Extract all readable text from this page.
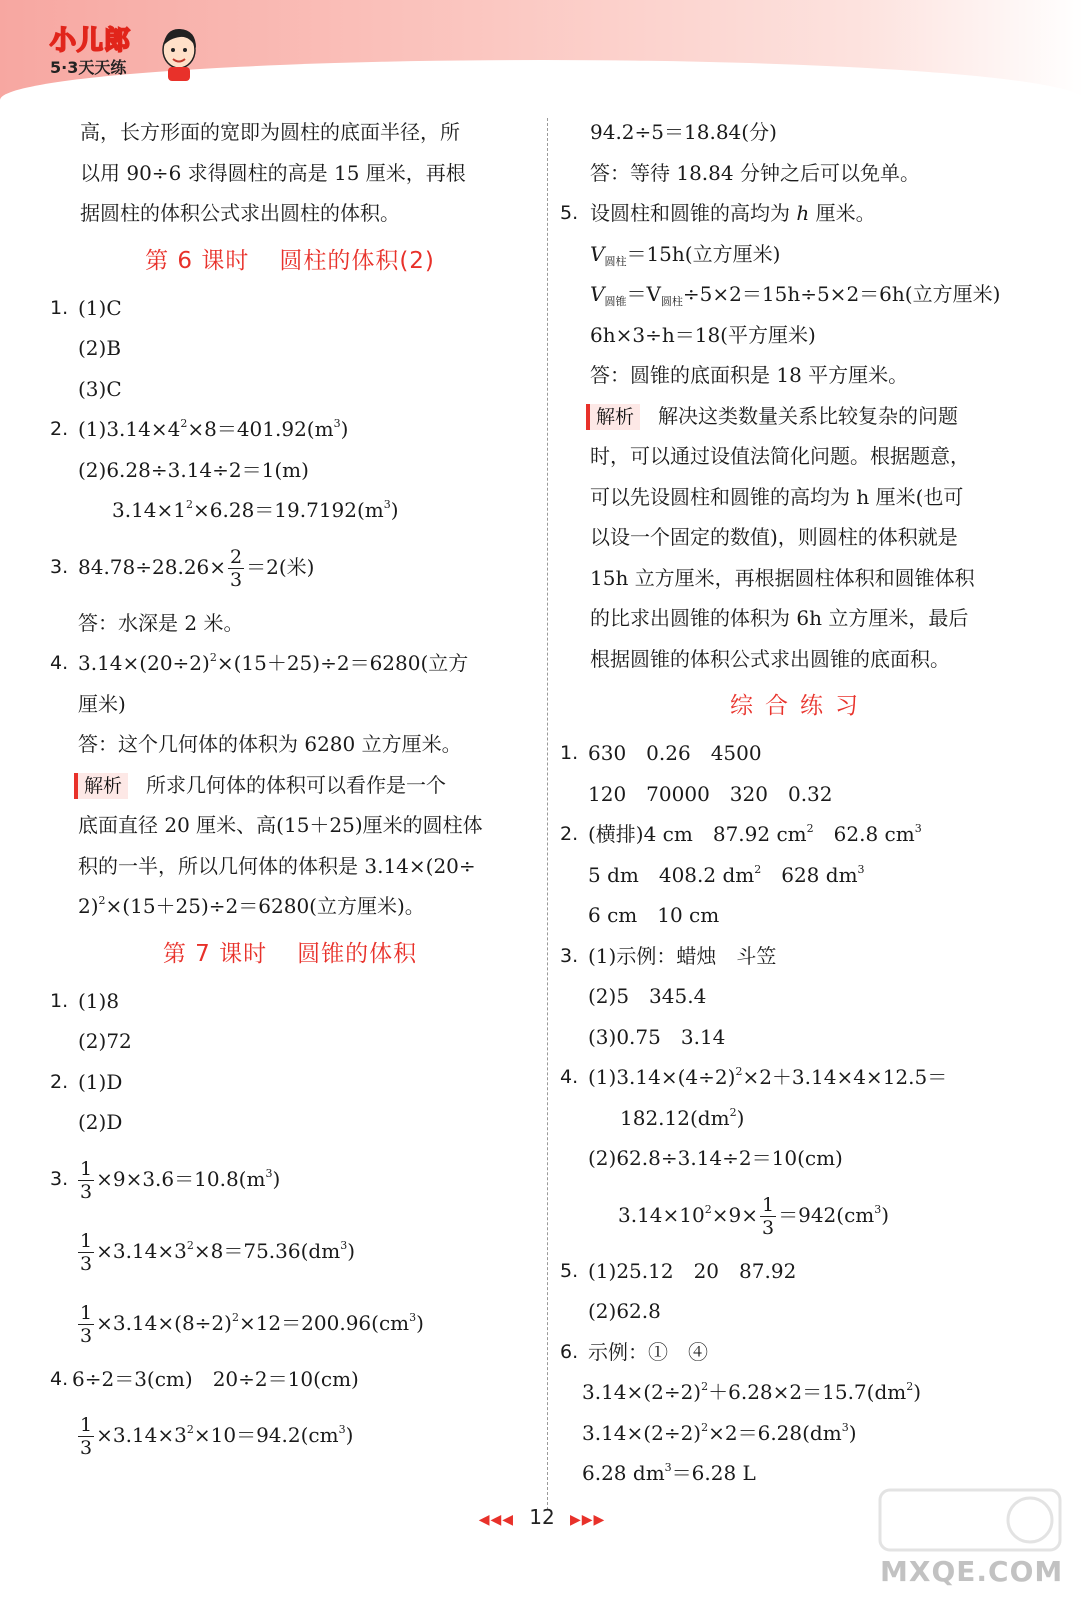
小儿郎
5·3天天练
高，长方形面的宽即为圆柱的底面半径，所
以用 90÷6 求得圆柱的高是 15 厘米，再根
据圆柱的体积公式求出圆柱的体积。
第 6 课时 圆柱的体积(2)
1. (1)C
(2)B
(3)C
2. $(1)3.14\times 4^2\times 8=401.92(m^3)$
(2)6.28÷3.14÷2＝1(m)
$3.14\times 1^2\times 6.28=19.7192(m^3)$
3. $84.78\div 28.26\times \frac{2}{3} =2$(米)
答：水深是 2 米。
4. $3.14\times(20\div 2)^2\times(15+25)\div 2=6280$(立方
厘米)
答：这个几何体的体积为 6280 立方厘米。
解析 所求几何体的体积可以看作是一个
底面直径 20 厘米、高(15＋25)厘米的圆柱体
积的一半，所以几何体的体积是 3.14×(20÷
2)$^2$×(15＋25)÷2＝6280(立方厘米)。
第 7 课时 圆锥的体积
1. (1)8
(2)72
2. (1)D
(2)D
3. $\frac{1}{3} \times 9\times 3.6=10.8(m^3)$
$\frac{1}{3} \times 3.14\times 3^2\times 8=75.36(dm^3)$
$\frac{1}{3} \times 3.14\times(8\div 2)^2\times 12=200.96(cm^3)$
4. 6÷2＝3(cm)　20÷2＝10(cm)
$\frac{1}{3} \times 3.14\times 3^2\times 10=94.2(cm^3)$
94.2÷5＝18.84(分)
答：等待 18.84 分钟之后可以免单。
5. 设圆柱和圆锥的高均为 h 厘米。
$V_{圆柱}=15h$(立方厘米)
$V_{圆锥}=V_{圆柱}\div 5\times 2=15h\div 5\times 2=6h$(立方厘米)
6h×3÷h＝18(平方厘米)
答：圆锥的底面积是 18 平方厘米。
解析 解决这类数量关系比较复杂的问题
时，可以通过设值法简化问题。根据题意，
可以先设圆柱和圆锥的高均为 h 厘米(也可
以设一个固定的数值)，则圆柱的体积就是
15h 立方厘米，再根据圆柱体积和圆锥体积
的比求出圆锥的体积为 6h 立方厘米，最后
根据圆锥的体积公式求出圆锥的底面积。
综合练习
1. 630　0.26　4500
120　70000　320　0.32
2. (横排)4 cm　87.92 $cm^2$　62.8 $cm^3$
5 dm　408.2 $dm^2$　628 $dm^3$
6 cm　10 cm
3. (1)示例：蜡烛　斗笠
(2)5　345.4
(3)0.75　3.14
4. $(1)3.14\times(4\div 2)^2\times 2+3.14\times 4\times 12.5=$
$182.12(dm^2)$
(2)62.8÷3.14÷2＝10(cm)
$3.14\times 10^2\times 9\times \frac{1}{3} =942(cm^3)$
5. (1)25.12　20　87.92
(2)62.8
6. 示例：①　④
$3.14\times(2\div 2)^2+6.28\times 2=15.7(dm^2)$
$3.14\times(2\div 2)^2\times 2=6.28(dm^3)$
6.28 $dm^3=6.28$ L
◀◀◀ 12 ▶▶▶
MXQE.COM
